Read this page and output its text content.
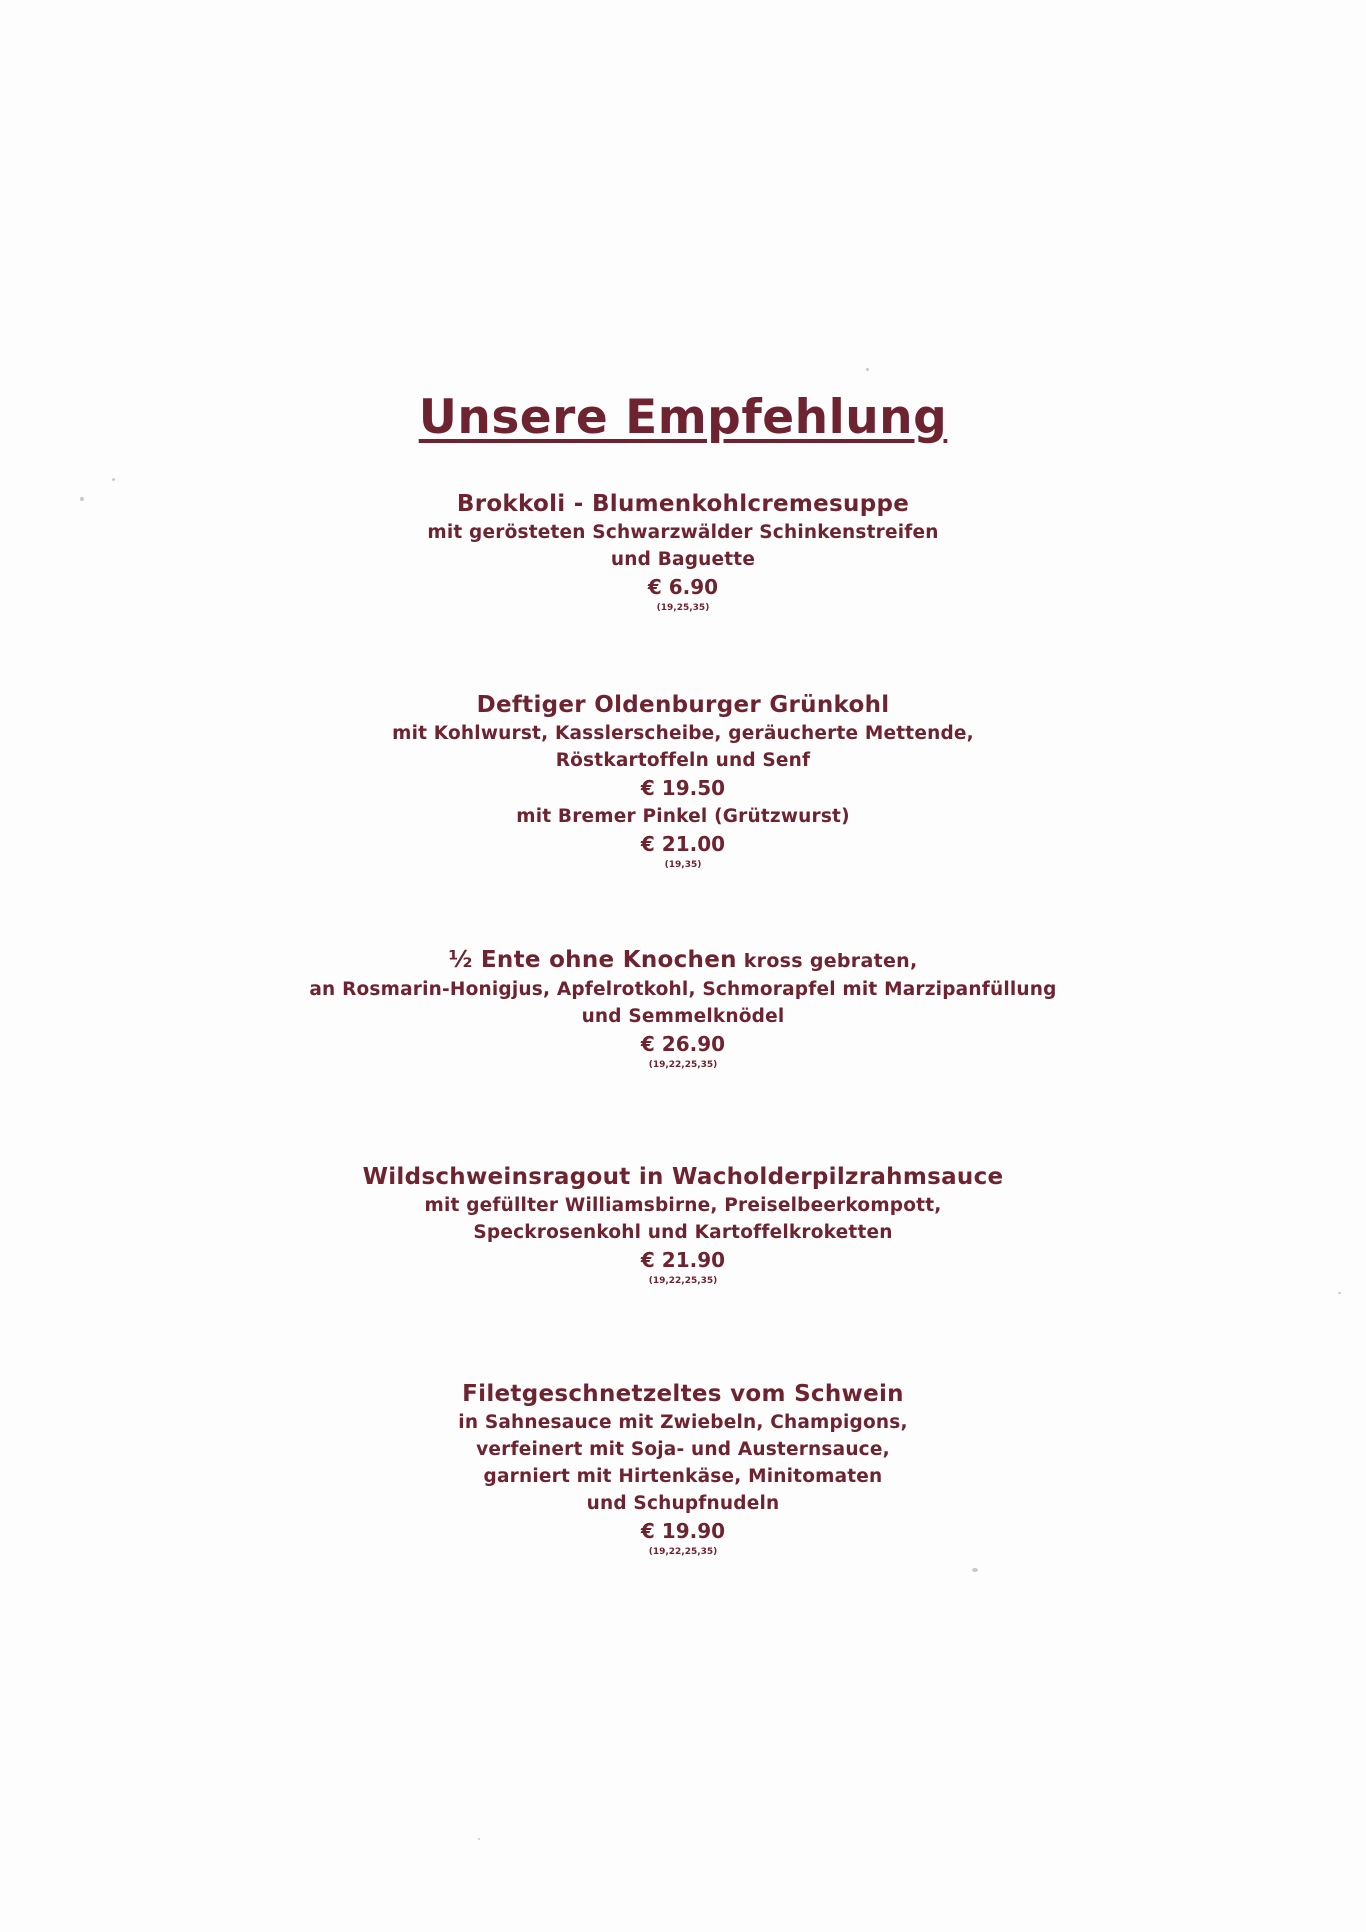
Unsere Empfehlung
Brokkoli - Blumenkohlcremesuppe
mit gerösteten Schwarzwälder Schinkenstreifen
und Baguette
€ 6.90
(19,25,35)
Deftiger Oldenburger Grünkohl
mit Kohlwurst, Kasslerscheibe, geräucherte Mettende,
Röstkartoffeln und Senf
€ 19.50
mit Bremer Pinkel (Grützwurst)
€ 21.00
(19,35)
½ Ente ohne Knochen kross gebraten,
an Rosmarin-Honigjus, Apfelrotkohl, Schmorapfel mit Marzipanfüllung
und Semmelknödel
€ 26.90
(19,22,25,35)
Wildschweinsragout in Wacholderpilzrahmsauce
mit gefüllter Williamsbirne, Preiselbeerkompott,
Speckrosenkohl und Kartoffelkroketten
€ 21.90
(19,22,25,35)
Filetgeschnetzeltes vom Schwein
in Sahnesauce mit Zwiebeln, Champigons,
verfeinert mit Soja- und Austernsauce,
garniert mit Hirtenkäse, Minitomaten
und Schupfnudeln
€ 19.90
(19,22,25,35)
